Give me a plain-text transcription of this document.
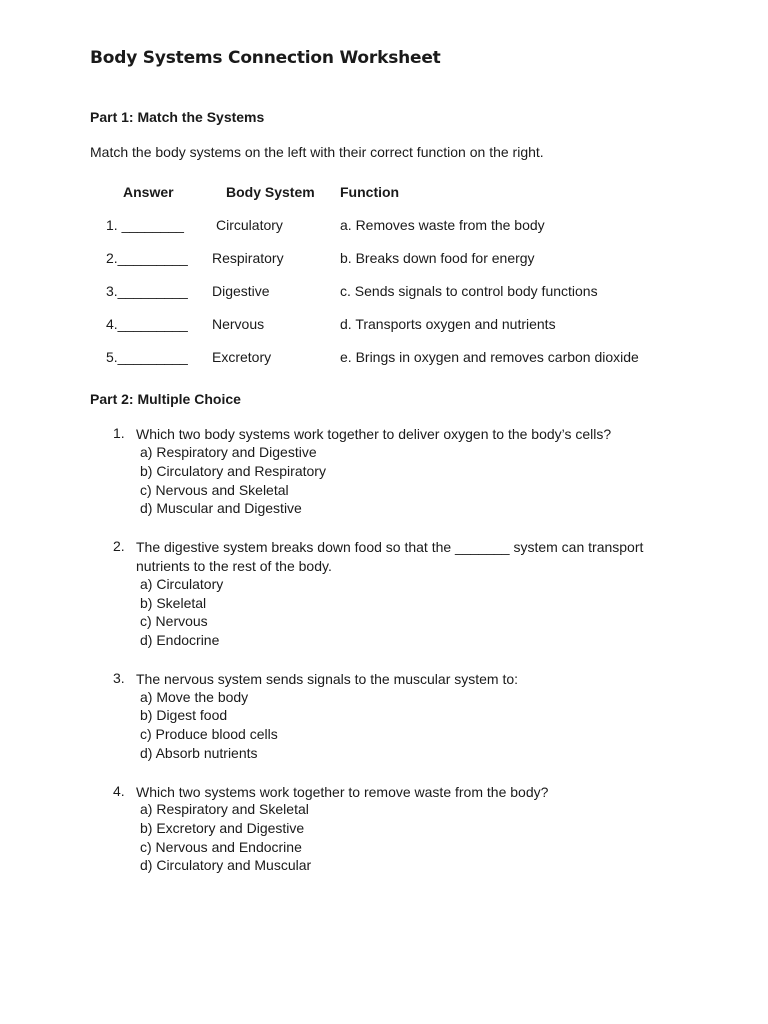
Body Systems Connection Worksheet
Part 1: Match the Systems
Match the body systems on the left with their correct function on the right.
Answer	Body System Function
1. ________ Circulatory	a. Removes waste from the body
2._________ Respiratory	b. Breaks down food for energy
3._________ Digestive	c. Sends signals to control body functions
4._________ Nervous	d. Transports oxygen and nutrients
5._________ Excretory	e. Brings in oxygen and removes carbon dioxide
Part 2: Multiple Choice
1. Which two body systems work together to deliver oxygen to the body’s cells?
a) Respiratory and Digestive
b) Circulatory and Respiratory
c) Nervous and Skeletal
d) Muscular and Digestive
2. The digestive system breaks down food so that the _______ system can transport nutrients to the rest of the body.
a) Circulatory
b) Skeletal
c) Nervous
d) Endocrine
3. The nervous system sends signals to the muscular system to:
a) Move the body
b) Digest food
c) Produce blood cells
d) Absorb nutrients
4. Which two systems work together to remove waste from the body?
a) Respiratory and Skeletal
b) Excretory and Digestive
c) Nervous and Endocrine
d) Circulatory and Muscular
